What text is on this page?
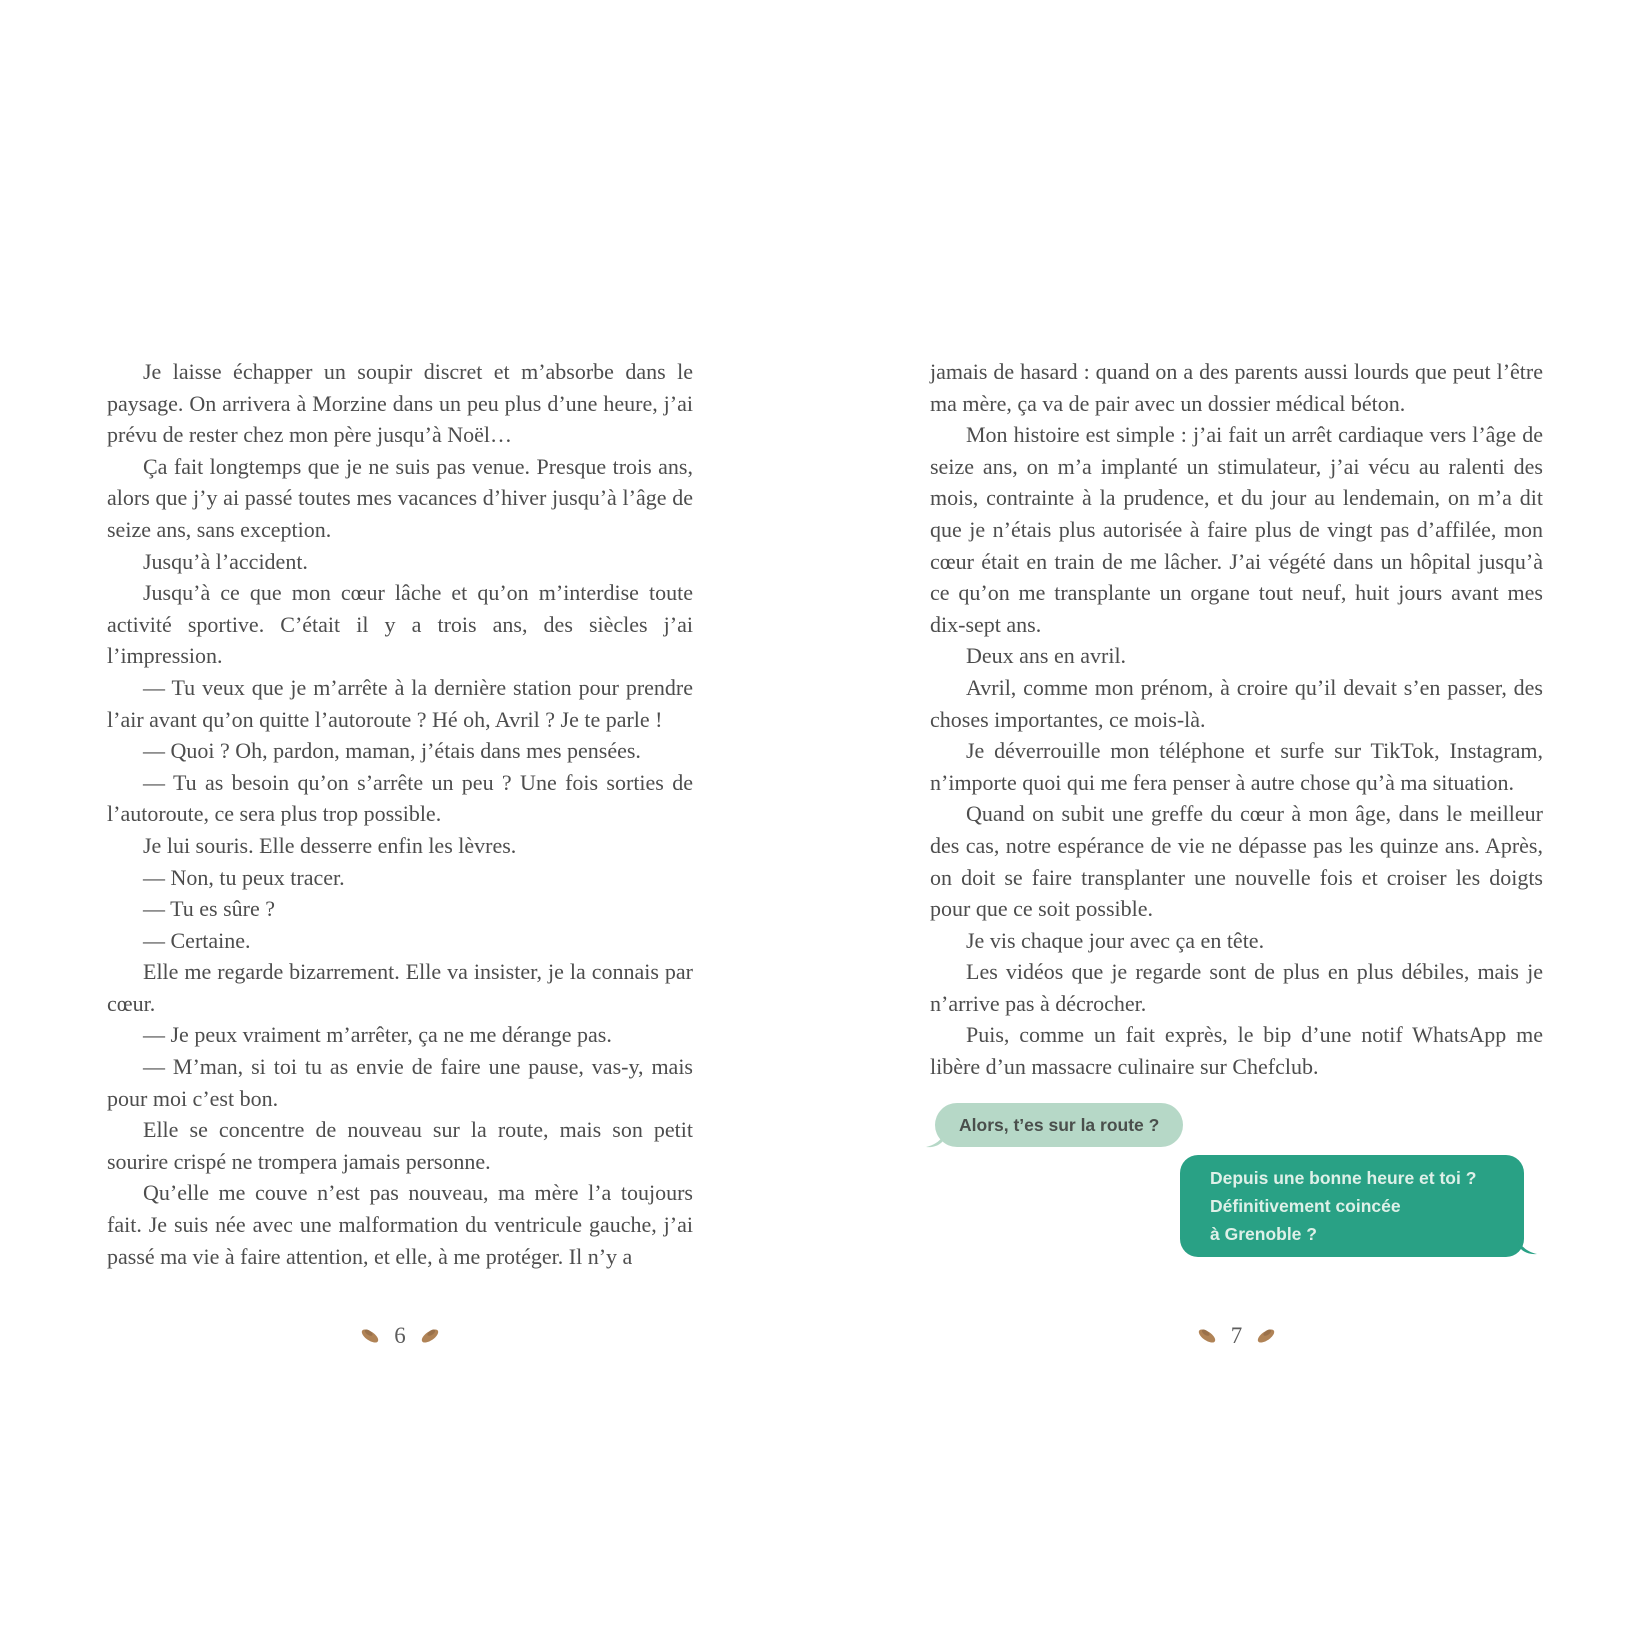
Je laisse échapper un soupir discret et m’absorbe dans le paysage. On arrivera à Morzine dans un peu plus d’une heure, j’ai prévu de rester chez mon père jusqu’à Noël…

Ça fait longtemps que je ne suis pas venue. Presque trois ans, alors que j’y ai passé toutes mes vacances d’hiver jusqu’à l’âge de seize ans, sans exception.

Jusqu’à l’accident.

Jusqu’à ce que mon cœur lâche et qu’on m’interdise toute activité sportive. C’était il y a trois ans, des siècles j’ai l’impression.

— Tu veux que je m’arrête à la dernière station pour prendre l’air avant qu’on quitte l’autoroute ? Hé oh, Avril ? Je te parle !

— Quoi ? Oh, pardon, maman, j’étais dans mes pensées.

— Tu as besoin qu’on s’arrête un peu ? Une fois sorties de l’autoroute, ce sera plus trop possible.

Je lui souris. Elle desserre enfin les lèvres.

— Non, tu peux tracer.

— Tu es sûre ?

— Certaine.

Elle me regarde bizarrement. Elle va insister, je la connais par cœur.

— Je peux vraiment m’arrêter, ça ne me dérange pas.

— M’man, si toi tu as envie de faire une pause, vas-y, mais pour moi c’est bon.

Elle se concentre de nouveau sur la route, mais son petit sourire crispé ne trompera jamais personne.

Qu’elle me couve n’est pas nouveau, ma mère l’a toujours fait. Je suis née avec une malformation du ventricule gauche, j’ai passé ma vie à faire attention, et elle, à me protéger. Il n’y a

6

jamais de hasard : quand on a des parents aussi lourds que peut l’être ma mère, ça va de pair avec un dossier médical béton.

Mon histoire est simple : j’ai fait un arrêt cardiaque vers l’âge de seize ans, on m’a implanté un stimulateur, j’ai vécu au ralenti des mois, contrainte à la prudence, et du jour au lendemain, on m’a dit que je n’étais plus autorisée à faire plus de vingt pas d’affilée, mon cœur était en train de me lâcher. J’ai végété dans un hôpital jusqu’à ce qu’on me transplante un organe tout neuf, huit jours avant mes dix-sept ans.

Deux ans en avril.

Avril, comme mon prénom, à croire qu’il devait s’en passer, des choses importantes, ce mois-là.

Je déverrouille mon téléphone et surfe sur TikTok, Instagram, n’importe quoi qui me fera penser à autre chose qu’à ma situation.

Quand on subit une greffe du cœur à mon âge, dans le meilleur des cas, notre espérance de vie ne dépasse pas les quinze ans. Après, on doit se faire transplanter une nouvelle fois et croiser les doigts pour que ce soit possible.

Je vis chaque jour avec ça en tête.

Les vidéos que je regarde sont de plus en plus débiles, mais je n’arrive pas à décrocher.

Puis, comme un fait exprès, le bip d’une notif WhatsApp me libère d’un massacre culinaire sur Chefclub.

Alors, t’es sur la route ?

Depuis une bonne heure et toi ?

Définitivement coincée

à Grenoble ?

7
